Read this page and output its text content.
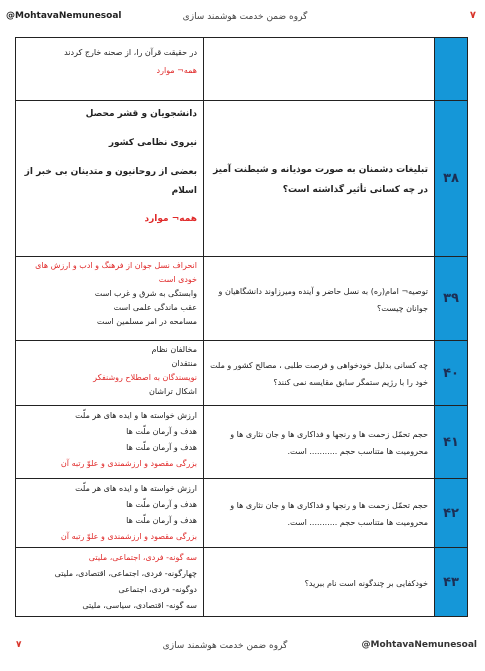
۷
گروه ضمن خدمت هوشمند سازی
@MohtavaNemunesoal

		در حقیقت قرآن را، از صحنه خارج کردند
همه¬ موارد

۳۸	تبلیغات دشمنان به صورت موذیانه و شیطنت آمیز در چه کسانی تأثیر گذاشته است؟	دانشجویان و قشر محصل
نیروی نظامی کشور
بعضی از روحانیون و متدینان بی خبر از
اسلام
همه¬ موارد

۳۹	توصیه¬ امام(ره) به نسل حاضر و آینده ومیرزاوند دانشگاهیان و جوانان چیست؟	انحراف نسل جوان از فرهنگ و ادب و ارزش های
خودی است
وابستگی به شرق و غرب است
عقب ماندگی علمی است
مسامحه در امر مسلمین است

۴۰	چه کسانی بدلیل خودخواهی و فرصت طلبی ، مصالح کشور و ملت خود را با رژیم ستمگر سابق مقایسه نمی کنند؟	مخالفان نظام
منتقدان
نویسندگان به اصطلاح روشنفکر
اشکال تراشان

۴۱	حجم تحمّل زحمت ها و رنجها و فداکاری ها و جان نثاری ها و محرومیت ها متناسب حجم ........... است.	ارزش خواسته ها و ایده های هر ملّت
هدف و آرمان ملّت ها
هدف و آرمان ملّت ها
بزرگی مقصود و ارزشمندی و علوّ رتبه آن

۴۲	حجم تحمّل زحمت ها و رنجها و فداکاری ها و جان نثاری ها و محرومیت ها متناسب حجم ........... است.	ارزش خواسته ها و ایده های هر ملّت
هدف و آرمان ملّت ها
هدف و آرمان ملّت ها
بزرگی مقصود و ارزشمندی و علوّ رتبه آن

۴۳	خودکفایی بر چندگونه است نام ببرید؟	سه گونه- فردی، اجتماعی، ملیتی
چهارگونه- فردی، اجتماعی، اقتصادی، ملیتی
دوگونه- فردی، اجتماعی
سه گونه- اقتصادی، سیاسی، ملیتی
۷	گروه ضمن خدمت هوشمند سازی	@MohtavaNemunesoal
